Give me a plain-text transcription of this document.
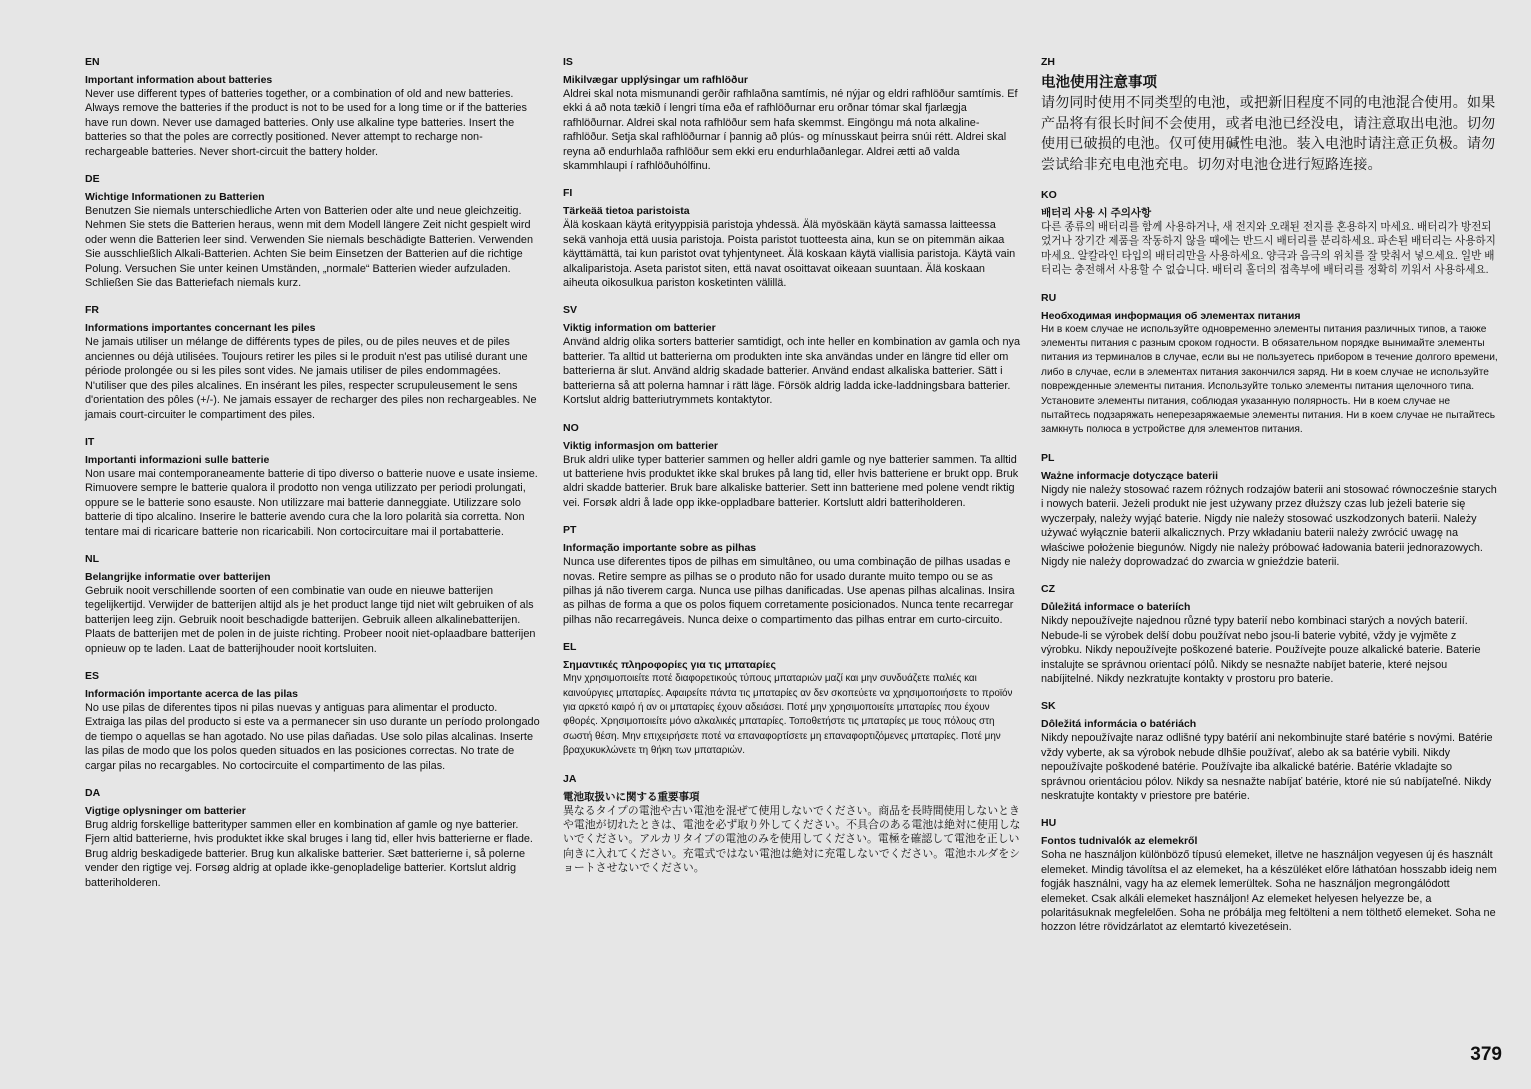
EN

Important information about batteries

Never use different types of batteries together, or a combination of old and new batteries. Always remove the batteries if the product is not to be used for a long time or if the batteries have run down. Never use damaged batteries. Only use alkaline type batteries. Insert the batteries so that the poles are correctly positioned. Never attempt to recharge non-rechargeable batteries. Never short-circuit the battery holder.

DE

Wichtige Informationen zu Batterien

Benutzen Sie niemals unterschiedliche Arten von Batterien oder alte und neue gleichzeitig. Nehmen Sie stets die Batterien heraus, wenn mit dem Modell längere Zeit nicht gespielt wird oder wenn die Batterien leer sind. Verwenden Sie niemals beschädigte Batterien. Verwenden Sie ausschließlich Alkali-Batterien. Achten Sie beim Einsetzen der Batterien auf die richtige Polung. Versuchen Sie unter keinen Umständen, „normale“ Batterien wieder aufzuladen. Schließen Sie das Batteriefach niemals kurz.

FR

Informations importantes concernant les piles

Ne jamais utiliser un mélange de différents types de piles, ou de piles neuves et de piles anciennes ou déjà utilisées. Toujours retirer les piles si le produit n'est pas utilisé durant une période prolongée ou si les piles sont vides. Ne jamais utiliser de piles endommagées. N'utiliser que des piles alcalines. En insérant les piles, respecter scrupuleusement le sens d'orientation des pôles (+/-). Ne jamais essayer de recharger des piles non rechargeables. Ne jamais court-circuiter le compartiment des piles.

IT

Importanti informazioni sulle batterie

Non usare mai contemporaneamente batterie di tipo diverso o batterie nuove e usate insieme. Rimuovere sempre le batterie qualora il prodotto non venga utilizzato per periodi prolungati, oppure se le batterie sono esauste. Non utilizzare mai batterie danneggiate. Utilizzare solo batterie di tipo alcalino. Inserire le batterie avendo cura che la loro polarità sia corretta. Non tentare mai di ricaricare batterie non ricaricabili. Non cortocircuitare mai il portabatterie.

NL

Belangrijke informatie over batterijen

Gebruik nooit verschillende soorten of een combinatie van oude en nieuwe batterijen tegelijkertijd. Verwijder de batterijen altijd als je het product lange tijd niet wilt gebruiken of als batterijen leeg zijn. Gebruik nooit beschadigde batterijen. Gebruik alleen alkalinebatterijen. Plaats de batterijen met de polen in de juiste richting. Probeer nooit niet-oplaadbare batterijen opnieuw op te laden. Laat de batterijhouder nooit kortsluiten.

ES

Información importante acerca de las pilas

No use pilas de diferentes tipos ni pilas nuevas y antiguas para alimentar el producto. Extraiga las pilas del producto si este va a permanecer sin uso durante un período prolongado de tiempo o aquellas se han agotado. No use pilas dañadas. Use solo pilas alcalinas. Inserte las pilas de modo que los polos queden situados en las posiciones correctas. No trate de cargar pilas no recargables. No cortocircuite el compartimento de las pilas.

DA

Vigtige oplysninger om batterier

Brug aldrig forskellige batterityper sammen eller en kombination af gamle og nye batterier. Fjern altid batterierne, hvis produktet ikke skal bruges i lang tid, eller hvis batterierne er flade. Brug aldrig beskadigede batterier. Brug kun alkaliske batterier. Sæt batterierne i, så polerne vender den rigtige vej. Forsøg aldrig at oplade ikke-genopladelige batterier. Kortslut aldrig batteriholderen.

IS

Mikilvægar upplýsingar um rafhlöður

Aldrei skal nota mismunandi gerðir rafhlaðna samtímis, né nýjar og eldri rafhlöður samtímis. Ef ekki á að nota tækið í lengri tíma eða ef rafhlöðurnar eru orðnar tómar skal fjarlægja rafhlöðurnar. Aldrei skal nota rafhlöður sem hafa skemmst. Eingöngu má nota alkaline-rafhlöður. Setja skal rafhlöðurnar í þannig að plús- og mínusskaut þeirra snúi rétt. Aldrei skal reyna að endurhlaða rafhlöður sem ekki eru endurhlaðanlegar. Aldrei ætti að valda skammhlaupi í rafhlöðuhólfinu.

FI

Tärkeää tietoa paristoista

Älä koskaan käytä erityyppisiä paristoja yhdessä. Älä myöskään käytä samassa laitteessa sekä vanhoja että uusia paristoja. Poista paristot tuotteesta aina, kun se on pitemmän aikaa käyttämättä, tai kun paristot ovat tyhjentyneet. Älä koskaan käytä viallisia paristoja. Käytä vain alkaliparistoja. Aseta paristot siten, että navat osoittavat oikeaan suuntaan. Älä koskaan aiheuta oikosulkua pariston kosketinten välillä.

SV

Viktig information om batterier

Använd aldrig olika sorters batterier samtidigt, och inte heller en kombination av gamla och nya batterier. Ta alltid ut batterierna om produkten inte ska användas under en längre tid eller om batterierna är slut. Använd aldrig skadade batterier. Använd endast alkaliska batterier. Sätt i batterierna så att polerna hamnar i rätt läge. Försök aldrig ladda icke-laddningsbara batterier. Kortslut aldrig batteriutrymmets kontaktytor.

NO

Viktig informasjon om batterier

Bruk aldri ulike typer batterier sammen og heller aldri gamle og nye batterier sammen. Ta alltid ut batteriene hvis produktet ikke skal brukes på lang tid, eller hvis batteriene er brukt opp. Bruk aldri skadde batterier. Bruk bare alkaliske batterier. Sett inn batteriene med polene vendt riktig vei. Forsøk aldri å lade opp ikke-oppladbare batterier. Kortslutt aldri batteriholderen.

PT

Informação importante sobre as pilhas

Nunca use diferentes tipos de pilhas em simultâneo, ou uma combinação de pilhas usadas e novas. Retire sempre as pilhas se o produto não for usado durante muito tempo ou se as pilhas já não tiverem carga. Nunca use pilhas danificadas. Use apenas pilhas alcalinas. Insira as pilhas de forma a que os polos fiquem corretamente posicionados. Nunca tente recarregar pilhas não recarregáveis. Nunca deixe o compartimento das pilhas entrar em curto-circuito.

EL

Σημαντικές πληροφορίες για τις μπαταρίες

Μην χρησιμοποιείτε ποτέ διαφορετικούς τύπους μπαταριών μαζί και μην συνδυάζετε παλιές και καινούργιες μπαταρίες. Αφαιρείτε πάντα τις μπαταρίες αν δεν σκοπεύετε να χρησιμοποιήσετε το προϊόν για αρκετό καιρό ή αν οι μπαταρίες έχουν αδειάσει. Ποτέ μην χρησιμοποιείτε μπαταρίες που έχουν φθορές. Χρησιμοποιείτε μόνο αλκαλικές μπαταρίες. Τοποθετήστε τις μπαταρίες με τους πόλους στη σωστή θέση. Μην επιχειρήσετε ποτέ να επαναφορτίσετε μη επαναφορτιζόμενες μπαταρίες. Ποτέ μην βραχυκυκλώνετε τη θήκη των μπαταριών.

JA

電池取扱いに関する重要事項

異なるタイプの電池や古い電池を混ぜて使用しないでください。商品を長時間使用しないときや電池が切れたときは、電池を必ず取り外してください。不具合のある電池は絶対に使用しないでください。アルカリタイプの電池のみを使用してください。電極を確認して電池を正しい向きに入れてください。充電式ではない電池は絶対に充電しないでください。電池ホルダをショートさせないでください。

ZH

电池使用注意事项

请勿同时使用不同类型的电池，或把新旧程度不同的电池混合使用。如果产品将有很长时间不会使用，或者电池已经没电，请注意取出电池。切勿使用已破损的电池。仅可使用碱性电池。装入电池时请注意正负极。请勿尝试给非充电电池充电。切勿对电池仓进行短路连接。

KO

배터리 사용 시 주의사항

다른 종류의 배터리를 함께 사용하거나, 새 전지와 오래된 전지를 혼용하지 마세요. 배터리가 방전되었거나 장기간 제품을 작동하지 않을 때에는 반드시 배터리를 분리하세요. 파손된 배터리는 사용하지 마세요. 알칼라인 타입의 배터리만을 사용하세요. 양극과 음극의 위치를 잘 맞춰서 넣으세요. 일반 배터리는 충전해서 사용할 수 없습니다. 배터리 홀더의 접촉부에 배터리를 정확히 끼워서 사용하세요.

RU

Необходимая информация об элементах питания

Ни в коем случае не используйте одновременно элементы питания различных типов, а также элементы питания с разным сроком годности. В обязательном порядке вынимайте элементы питания из терминалов в случае, если вы не пользуетесь прибором в течение долгого времени, либо в случае, если в элементах питания закончился заряд. Ни в коем случае не используйте поврежденные элементы питания. Используйте только элементы питания щелочного типа. Установите элементы питания, соблюдая указанную полярность. Ни в коем случае не пытайтесь подзаряжать неперезаряжаемые элементы питания. Ни в коем случае не пытайтесь замкнуть полюса в устройстве для элементов питания.

PL

Ważne informacje dotyczące baterii

Nigdy nie należy stosować razem różnych rodzajów baterii ani stosować równocześnie starych i nowych baterii. Jeżeli produkt nie jest używany przez dłuższy czas lub jeżeli baterie się wyczerpały, należy wyjąć baterie. Nigdy nie należy stosować uszkodzonych baterii. Należy używać wyłącznie baterii alkalicznych. Przy wkładaniu baterii należy zwrócić uwagę na właściwe położenie biegunów. Nigdy nie należy próbować ładowania baterii jednorazowych. Nigdy nie należy doprowadzać do zwarcia w gnieździe baterii.

CZ

Důležitá informace o bateriích

Nikdy nepoužívejte najednou různé typy baterií nebo kombinaci starých a nových baterií. Nebude-li se výrobek delší dobu používat nebo jsou-li baterie vybité, vždy je vyjměte z výrobku. Nikdy nepoužívejte poškozené baterie. Používejte pouze alkalické baterie. Baterie instalujte se správnou orientací pólů. Nikdy se nesnažte nabíjet baterie, které nejsou nabíjitelné. Nikdy nezkratujte kontakty v prostoru pro baterie.

SK

Dôležitá informácia o batériách

Nikdy nepoužívajte naraz odlišné typy batérií ani nekombinujte staré batérie s novými. Batérie vždy vyberte, ak sa výrobok nebude dlhšie používať, alebo ak sa batérie vybili. Nikdy nepoužívajte poškodené batérie. Používajte iba alkalické batérie. Batérie vkladajte so správnou orientáciou pólov. Nikdy sa nesnažte nabíjať batérie, ktoré nie sú nabíjateľné. Nikdy neskratujte kontakty v priestore pre batérie.

HU

Fontos tudnivalók az elemekről

Soha ne használjon különböző típusú elemeket, illetve ne használjon vegyesen új és használt elemeket. Mindig távolítsa el az elemeket, ha a készüléket előre láthatóan hosszabb ideig nem fogják használni, vagy ha az elemek lemerültek. Soha ne használjon megrongálódott elemeket. Csak alkáli elemeket használjon! Az elemeket helyesen helyezze be, a polaritásuknak megfelelően. Soha ne próbálja meg feltölteni a nem tölthető elemeket. Soha ne hozzon létre rövidzárlatot az elemtartó kivezetésein.

379
